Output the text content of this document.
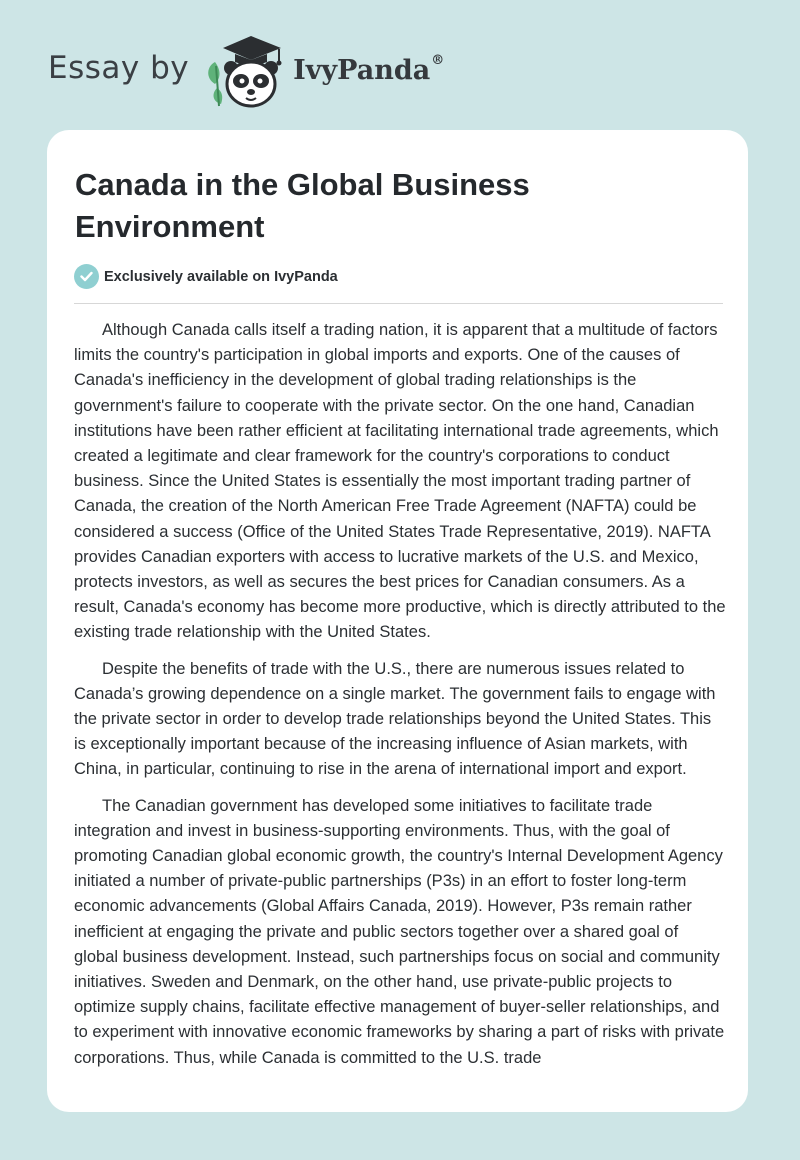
Essay by	IvyPanda®
Canada in the Global Business Environment
Exclusively available on IvyPanda

Although Canada calls itself a trading nation, it is apparent that a multitude of factors limits the country's participation in global imports and exports. One of the causes of Canada's inefficiency in the development of global trading relationships is the government's failure to cooperate with the private sector. On the one hand, Canadian institutions have been rather efficient at facilitating international trade agreements, which created a legitimate and clear framework for the country's corporations to conduct business. Since the United States is essentially the most important trading partner of Canada, the creation of the North American Free Trade Agreement (NAFTA) could be considered a success (Office of the United States Trade Representative, 2019). NAFTA provides Canadian exporters with access to lucrative markets of the U.S. and Mexico, protects investors, as well as secures the best prices for Canadian consumers. As a result, Canada's economy has become more productive, which is directly attributed to the existing trade relationship with the United States.

Despite the benefits of trade with the U.S., there are numerous issues related to Canada’s growing dependence on a single market. The government fails to engage with the private sector in order to develop trade relationships beyond the United States. This is exceptionally important because of the increasing influence of Asian markets, with China, in particular, continuing to rise in the arena of international import and export.

The Canadian government has developed some initiatives to facilitate trade integration and invest in business-supporting environments. Thus, with the goal of promoting Canadian global economic growth, the country's Internal Development Agency initiated a number of private-public partnerships (P3s) in an effort to foster long-term economic advancements (Global Affairs Canada, 2019). However, P3s remain rather inefficient at engaging the private and public sectors together over a shared goal of global business development. Instead, such partnerships focus on social and community initiatives. Sweden and Denmark, on the other hand, use private-public projects to optimize supply chains, facilitate effective management of buyer-seller relationships, and to experiment with innovative economic frameworks by sharing a part of risks with private corporations. Thus, while Canada is committed to the U.S. trade
